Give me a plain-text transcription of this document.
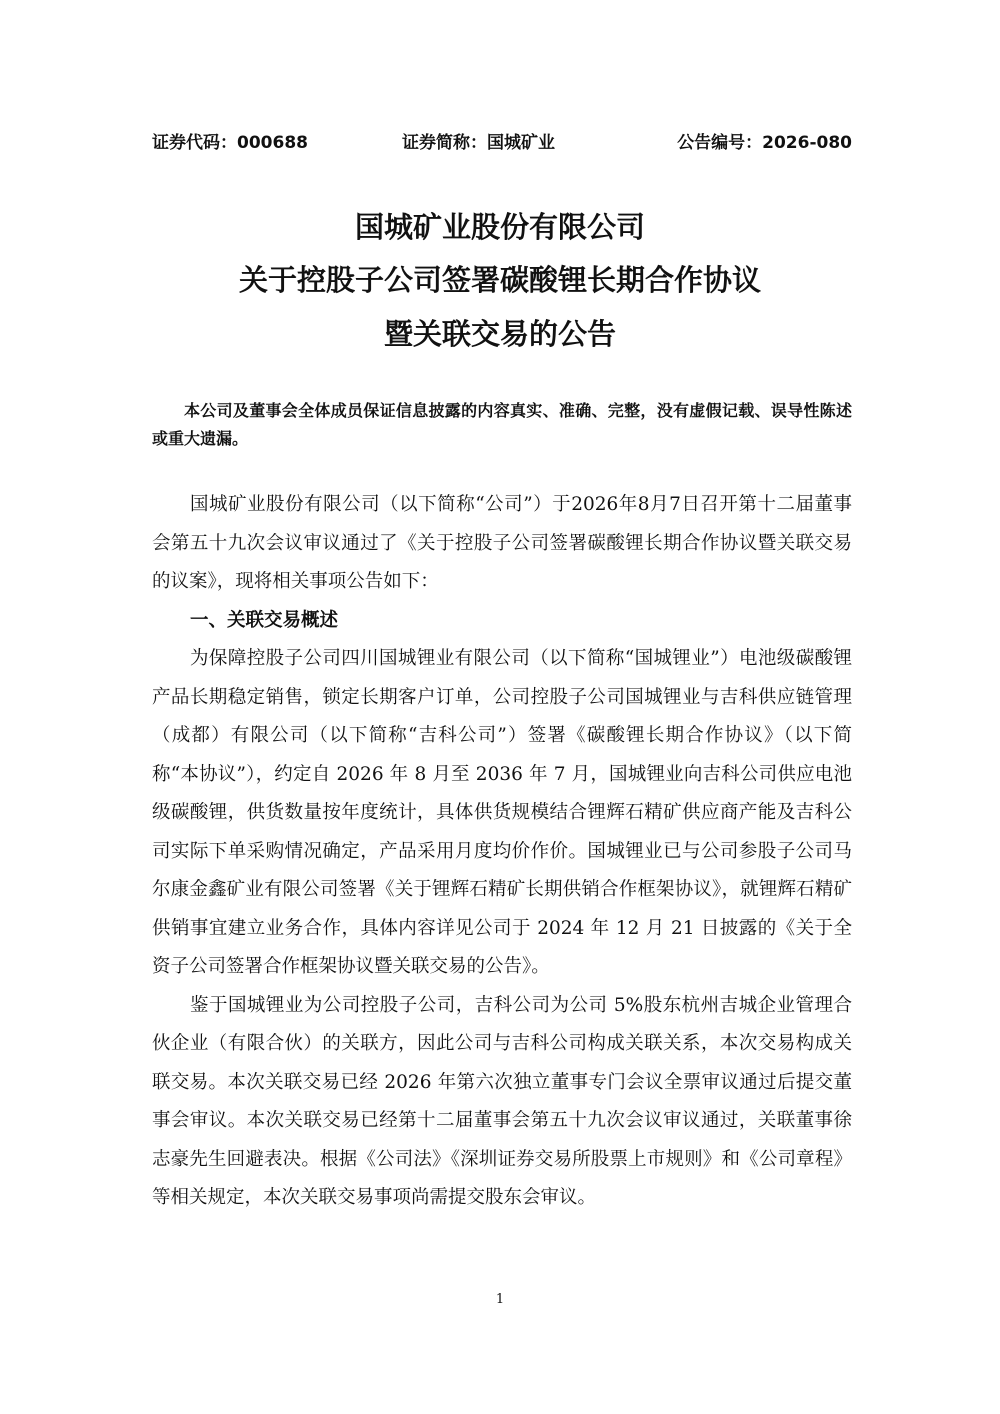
证券代码：000688	证券简称：国城矿业	公告编号：2026-080
国城矿业股份有限公司
关于控股子公司签署碳酸锂长期合作协议
暨关联交易的公告
本公司及董事会全体成员保证信息披露的内容真实、准确、完整，没有虚假记载、误导性陈述或重大遗漏。

国城矿业股份有限公司（以下简称“公司”）于2026年8月7日召开第十二届董事会第五十九次会议审议通过了《关于控股子公司签署碳酸锂长期合作协议暨关联交易的议案》，现将相关事项公告如下：

一、关联交易概述

为保障控股子公司四川国城锂业有限公司（以下简称“国城锂业”）电池级碳酸锂产品长期稳定销售，锁定长期客户订单，公司控股子公司国城锂业与吉科供应链管理（成都）有限公司（以下简称“吉科公司”）签署《碳酸锂长期合作协议》（以下简称“本协议”），约定自 2026 年 8 月至 2036 年 7 月，国城锂业向吉科公司供应电池级碳酸锂，供货数量按年度统计，具体供货规模结合锂辉石精矿供应商产能及吉科公司实际下单采购情况确定，产品采用月度均价作价。国城锂业已与公司参股子公司马尔康金鑫矿业有限公司签署《关于锂辉石精矿长期供销合作框架协议》，就锂辉石精矿供销事宜建立业务合作，具体内容详见公司于 2024 年 12 月 21 日披露的《关于全资子公司签署合作框架协议暨关联交易的公告》。

鉴于国城锂业为公司控股子公司，吉科公司为公司 5%股东杭州吉城企业管理合伙企业（有限合伙）的关联方，因此公司与吉科公司构成关联关系，本次交易构成关联交易。本次关联交易已经 2026 年第六次独立董事专门会议全票审议通过后提交董事会审议。本次关联交易已经第十二届董事会第五十九次会议审议通过，关联董事徐志豪先生回避表决。根据《公司法》《深圳证券交易所股票上市规则》和《公司章程》等相关规定，本次关联交易事项尚需提交股东会审议。

1
